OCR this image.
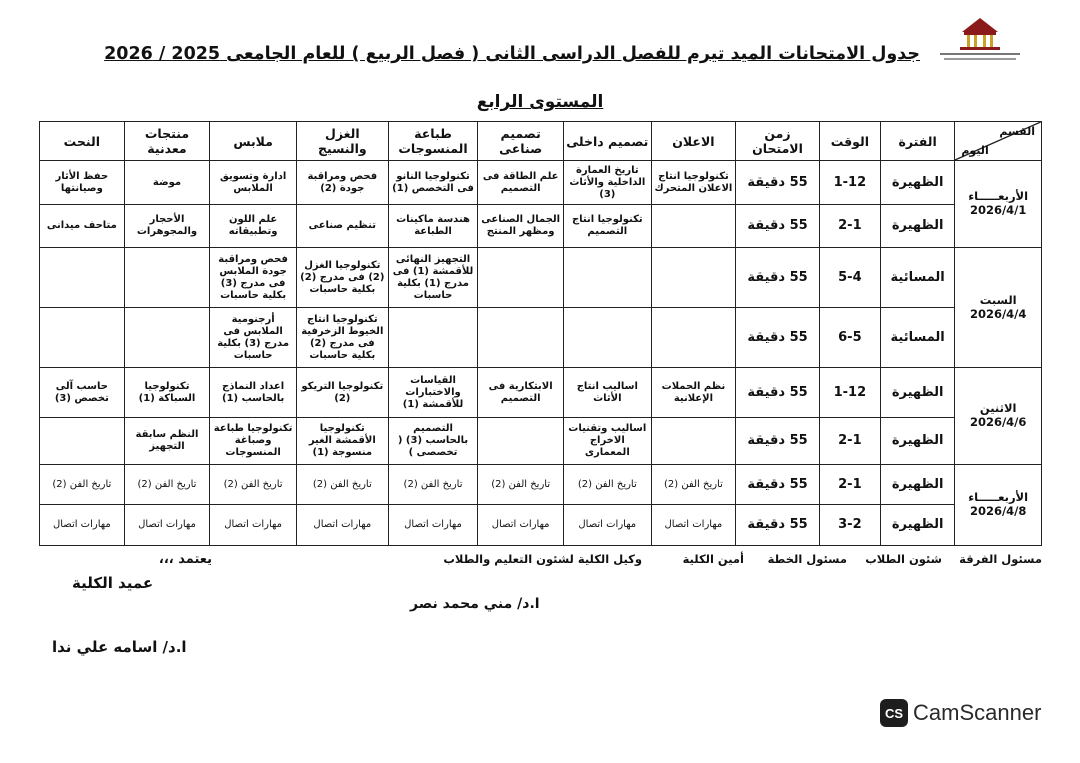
جدول الامتحانات الميد تيرم للفصل الدراسى الثانى ( فصل الربيع ) للعام الجامعى 2025 / 2026
المستوى الرابع
القسم
اليوم	الفترة	الوقت	زمن الامتحان	الاعلان	تصميم داخلى	تصميم صناعى	طباعة المنسوجات	الغزل والنسيج	ملابس	منتجات معدنية	النحت

الأربعـــــاء
2026/4/1	الظهيرة	1-12	55 دقيقة	تكنولوجيا انتاج الاعلان المتحرك	تاريخ العمارة الداخلية والأثاث (3)	علم الطاقة فى التصميم	تكنولوجيا النانو فى التخصص (1)	فحص ومراقبة جودة (2)	ادارة وتسويق الملابس	موضة	حفظ الأثار وصيانتها
	الظهيرة	2-1	55 دقيقة		تكنولوجيا انتاج التصميم	الجمال الصناعى ومظهر المنتج	هندسة ماكينات الطباعة	تنظيم صناعى	علم اللون وتطبيقاته	الأحجار والمجوهرات	متاحف ميدانى

السبت
2026/4/4	المسائية	5-4	55 دقيقة				التجهيز النهائى للأقمشة (1) فى مدرج (1) بكلية حاسبات	تكنولوجيا الغزل (2) فى مدرج (2) بكلية حاسبات	فحص ومراقبة جودة الملابس فى مدرج (3) بكلية حاسبات		
	المسائية	6-5	55 دقيقة					تكنولوجيا انتاج الخيوط الزخرفية فى مدرج (2) بكلية حاسبات	أرجنومية الملابس فى مدرج (3) بكلية حاسبات		

الاثنين
2026/4/6	الظهيرة	1-12	55 دقيقة	نظم الحملات الإعلانية	اساليب انتاج الأثاث	الابتكارية فى التصميم	القياسات والاختبارات للأقمشة (1)	تكنولوجيا التريكو (2)	اعداد النماذج بالحاسب (1)	تكنولوجيا السباكة (1)	حاسب آلى تخصص (3)
	الظهيرة	2-1	55 دقيقة		اساليب وتقنيات الاخراج المعمارى		التصميم بالحاسب (3) ( تخصصى )	تكنولوجيا الأقمشة الغير منسوجة (1)	تكنولوجيا طباعة وصباغة المنسوجات	النظم سابقة التجهيز	

الأربعـــــاء
2026/4/8	الظهيرة	2-1	55 دقيقة	تاريخ الفن (2)	تاريخ الفن (2)	تاريخ الفن (2)	تاريخ الفن (2)	تاريخ الفن (2)	تاريخ الفن (2)	تاريخ الفن (2)	تاريخ الفن (2)
	الظهيرة	3-2	55 دقيقة	مهارات اتصال	مهارات اتصال	مهارات اتصال	مهارات اتصال	مهارات اتصال	مهارات اتصال	مهارات اتصال	مهارات اتصال
مسئول الفرقة
شئون الطلاب
مسئول الخطة
أمين الكلية
وكيل الكلية لشئون التعليم والطلاب
يعتمد ،،،
عميد الكلية
ا.د/ مني محمد نصر
ا.د/ اسامه علي ندا
CS CamScanner
